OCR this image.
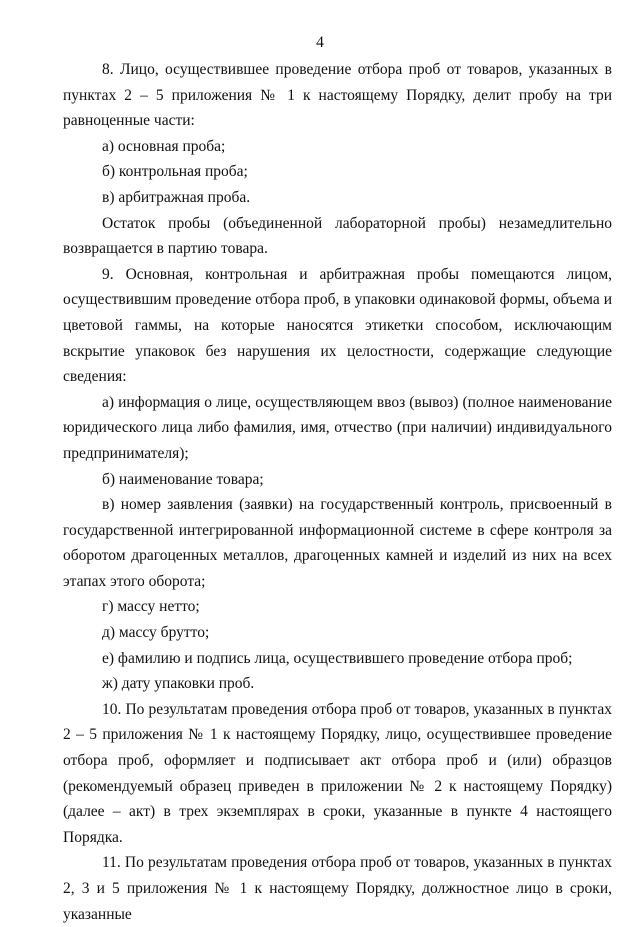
4

8. Лицо, осуществившее проведение отбора проб от товаров, указанных в пунктах 2 – 5 приложения № 1 к настоящему Порядку, делит пробу на три равноценные части:

а) основная проба;

б) контрольная проба;

в) арбитражная проба.

Остаток пробы (объединенной лабораторной пробы) незамедлительно возвращается в партию товара.

9. Основная, контрольная и арбитражная пробы помещаются лицом, осуществившим проведение отбора проб, в упаковки одинаковой формы, объема и цветовой гаммы, на которые наносятся этикетки способом, исключающим вскрытие упаковок без нарушения их целостности, содержащие следующие сведения:

а) информация о лице, осуществляющем ввоз (вывоз) (полное наименование юридического лица либо фамилия, имя, отчество (при наличии) индивидуального предпринимателя);

б) наименование товара;

в) номер заявления (заявки) на государственный контроль, присвоенный в государственной интегрированной информационной системе в сфере контроля за оборотом драгоценных металлов, драгоценных камней и изделий из них на всех этапах этого оборота;

г) массу нетто;

д) массу брутто;

е) фамилию и подпись лица, осуществившего проведение отбора проб;

ж) дату упаковки проб.

10. По результатам проведения отбора проб от товаров, указанных в пунктах 2 – 5 приложения № 1 к настоящему Порядку, лицо, осуществившее проведение отбора проб, оформляет и подписывает акт отбора проб и (или) образцов (рекомендуемый образец приведен в приложении № 2 к настоящему Порядку) (далее – акт) в трех экземплярах в сроки, указанные в пункте 4 настоящего Порядка.

11. По результатам проведения отбора проб от товаров, указанных в пунктах 2, 3 и 5 приложения № 1 к настоящему Порядку, должностное лицо в сроки, указанные
